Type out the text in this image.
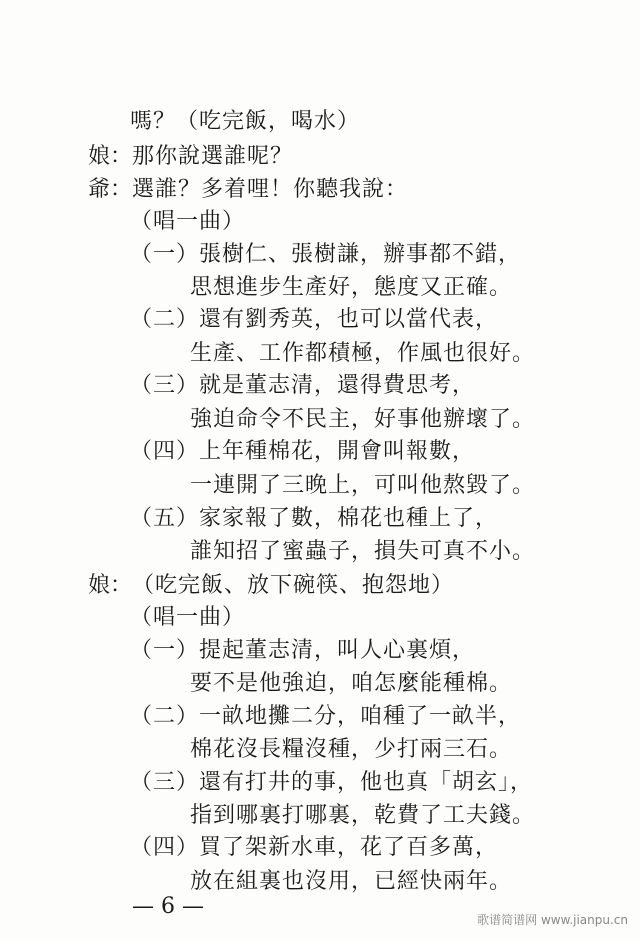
嗎？（吃完飯，喝水）
娘： 那你說選誰呢？
爺： 選誰？多着哩！你聽我說：
（唱一曲）
（一）張樹仁、張樹謙，辦事都不錯，
思想進步生產好，態度又正確。
（二）還有劉秀英，也可以當代表，
生產、工作都積極，作風也很好。
（三）就是董志清，還得費思考，
強迫命令不民主，好事他辦壞了。
（四）上年種棉花，開會叫報數，
一連開了三晚上，可叫他熬毀了。
（五）家家報了數，棉花也種上了，
誰知招了蜜蟲子，損失可真不小。
娘： （吃完飯、放下碗筷、抱怨地）
（唱一曲）
（一）提起董志清，叫人心裏煩，
要不是他強迫，咱怎麼能種棉。
（二）一畝地攤二分，咱種了一畝半，
棉花沒長糧沒種，少打兩三石。
（三）還有打井的事，他也真「胡玄」，
指到哪裏打哪裏，乾費了工夫錢。
（四）買了架新水車，花了百多萬，
放在組裏也沒用，已經快兩年。
— 6 —
歌谱简谱网 www.jianpu.cn
